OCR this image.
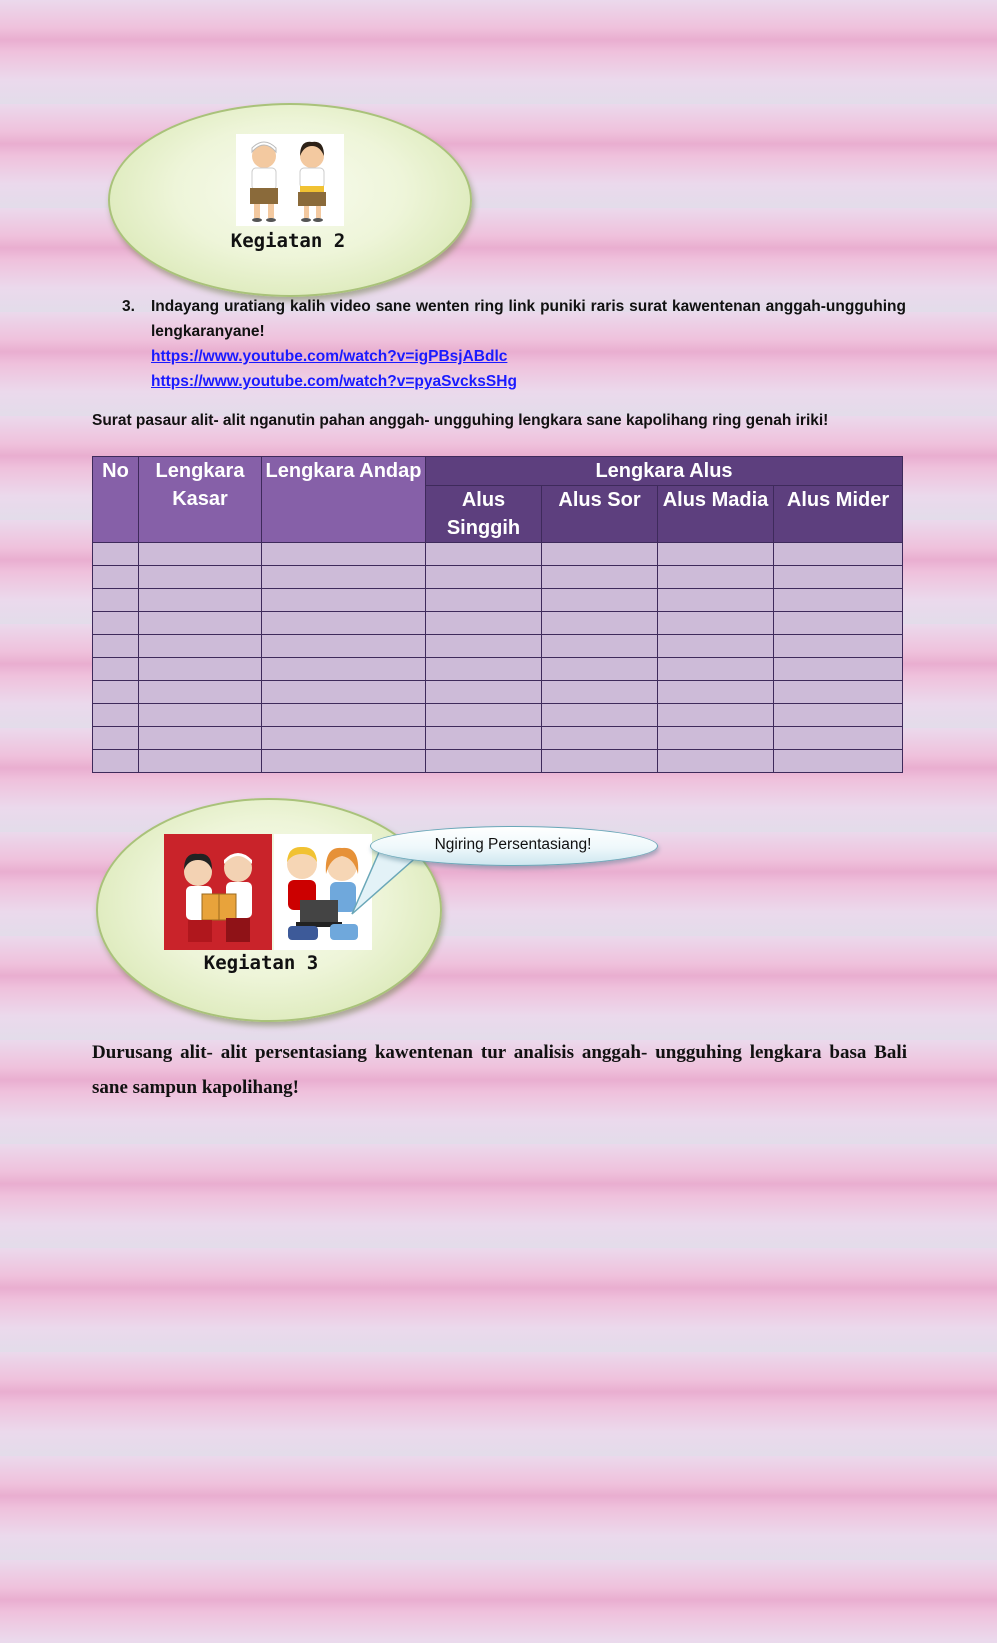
Kegiatan 2
3. Indayang uratiang kalih video sane wenten ring link puniki raris surat kawentenan anggah-ungguhing lengkaranyane!
https://www.youtube.com/watch?v=igPBsjABdlc
https://www.youtube.com/watch?v=pyaSvcksSHg
Surat pasaur alit- alit nganutin pahan anggah- ungguhing lengkara sane kapolihang ring genah iriki!
No	Lengkara Kasar	Lengkara Andap	Lengkara Alus			
			Alus Singgih	Alus Sor	Alus Madia	Alus Mider

Kegiatan 3
Ngiring Persentasiang!
Durusang alit- alit persentasiang kawentenan tur analisis anggah- ungguhing lengkara basa Bali sane sampun kapolihang!
